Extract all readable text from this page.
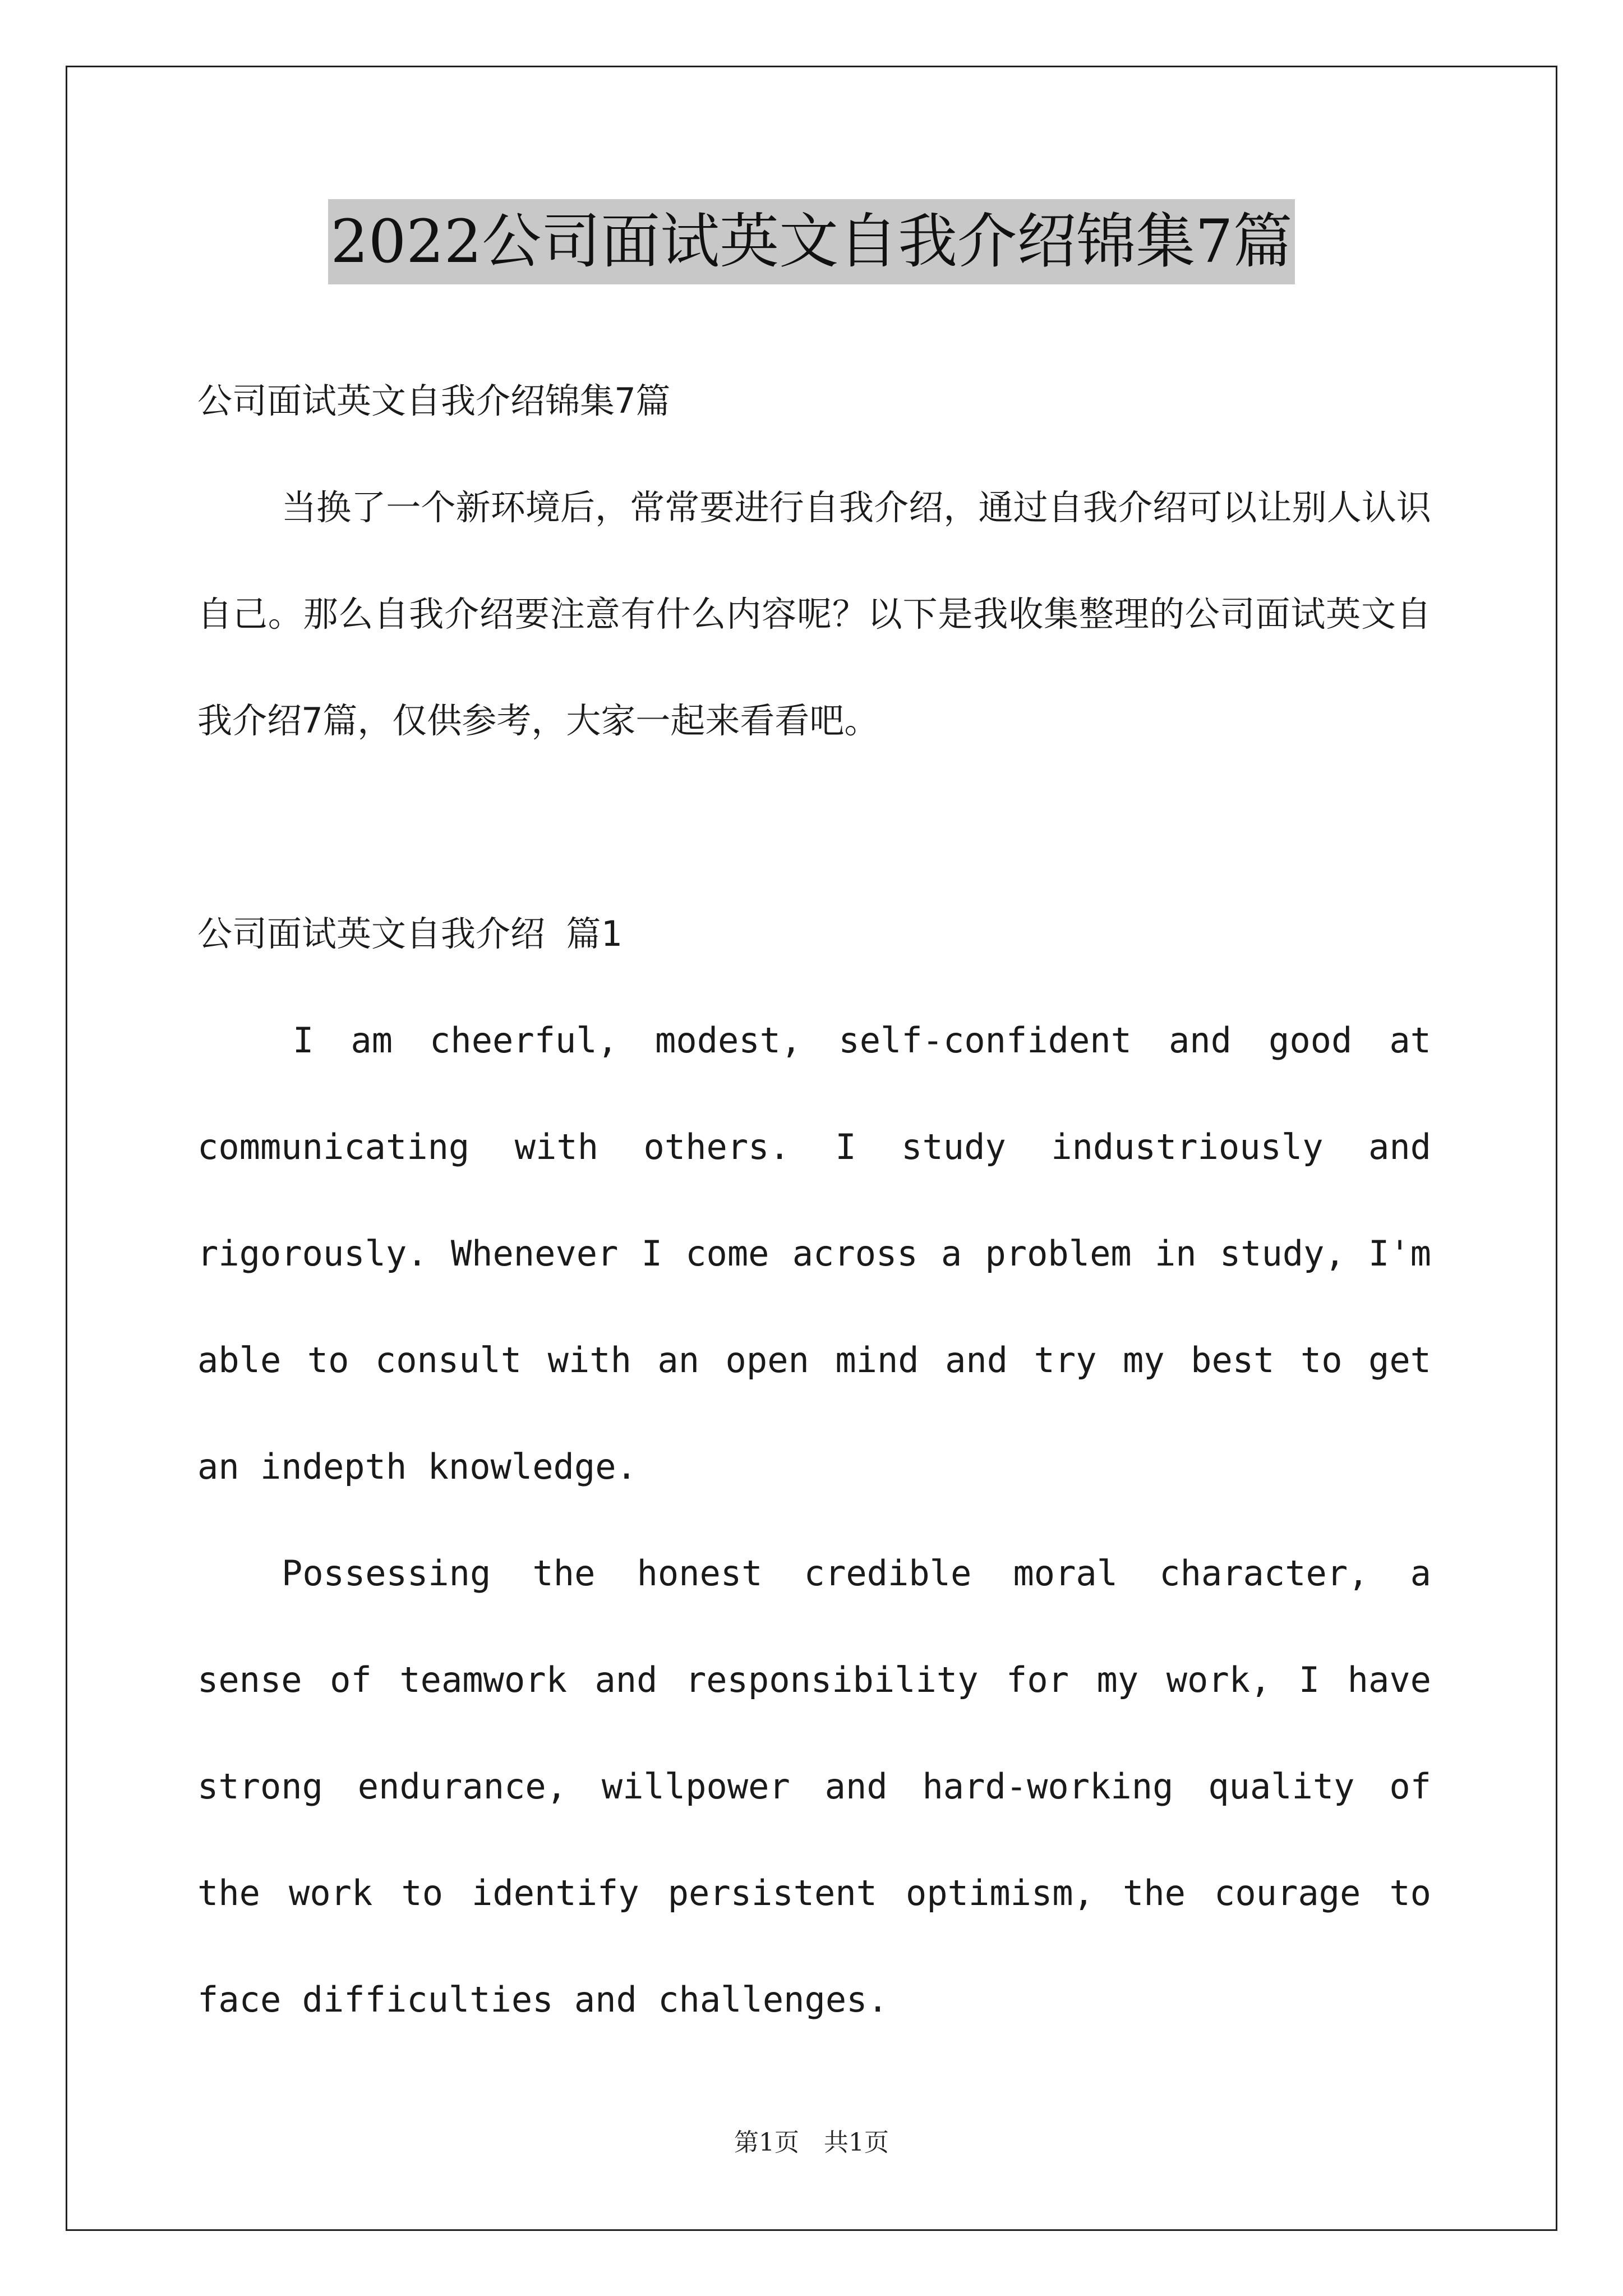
2022公司面试英文自我介绍锦集7篇

公司面试英文自我介绍锦集7篇

当换了一个新环境后，常常要进行自我介绍，通过自我介绍可以让别人认识自己。那么自我介绍要注意有什么内容呢？以下是我收集整理的公司面试英文自我介绍7篇，仅供参考，大家一起来看看吧。

公司面试英文自我介绍 篇1

I am cheerful, modest, self-confident and good at communicating with others. I study industriously and rigorously. Whenever I come across a problem in study, I'm able to consult with an open mind and try my best to get an indepth knowledge.

Possessing the honest credible moral character, a sense of teamwork and responsibility for my work, I have strong endurance, willpower and hard-working quality of the work to identify persistent optimism, the courage to face difficulties and challenges.

第1页　共1页
